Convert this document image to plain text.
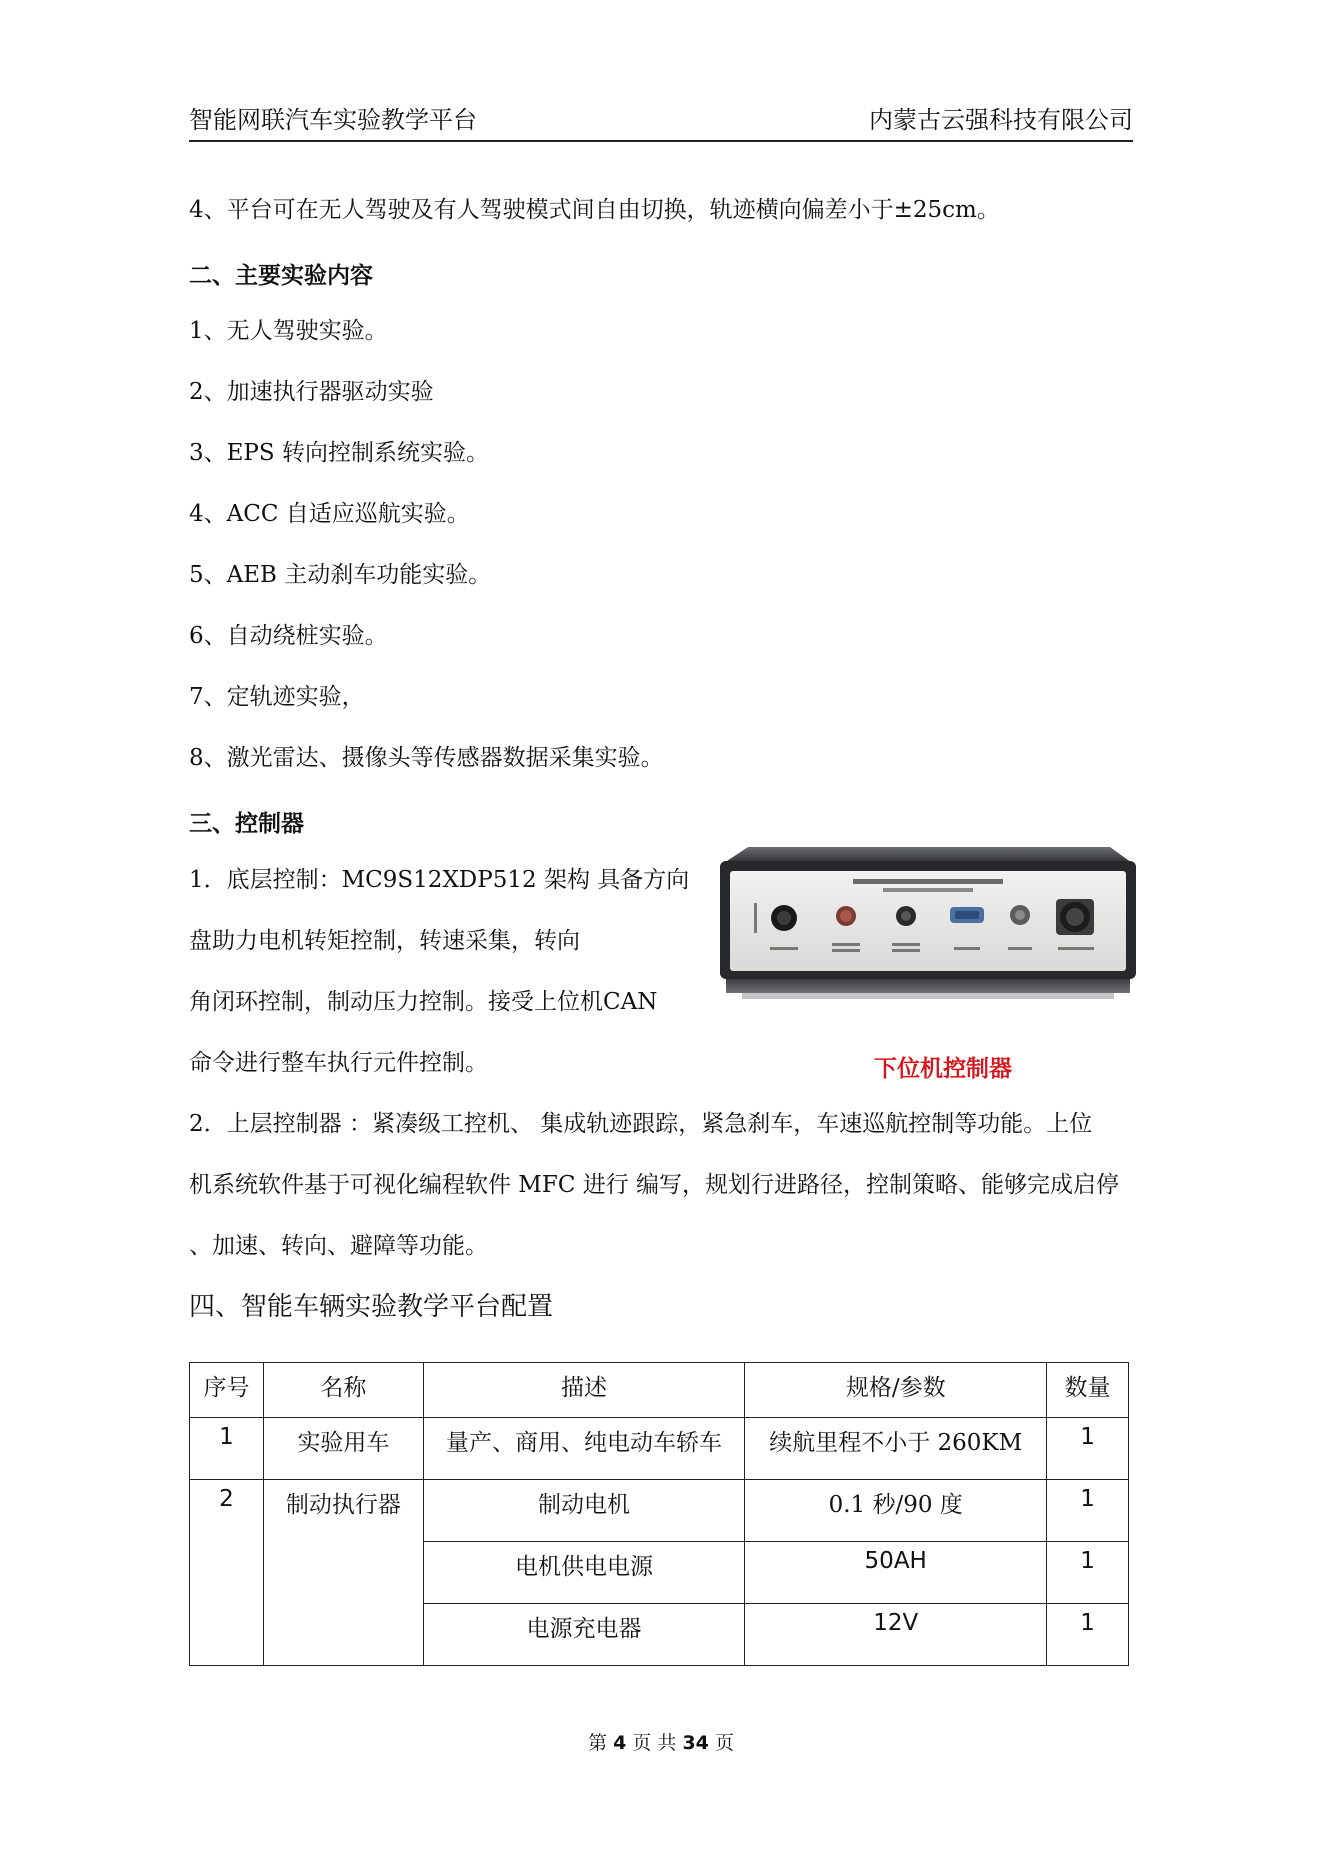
智能网联汽车实验教学平台	内蒙古云强科技有限公司
4、平台可在无人驾驶及有人驾驶模式间自由切换，轨迹横向偏差小于±25cm。
二、主要实验内容
1、无人驾驶实验。
2、加速执行器驱动实验
3、EPS 转向控制系统实验。
4、ACC 自适应巡航实验。
5、AEB 主动刹车功能实验。
6、自动绕桩实验。
7、定轨迹实验，
8、激光雷达、摄像头等传感器数据采集实验。
三、控制器
1．底层控制：MC9S12XDP512 架构 具备方向
盘助力电机转矩控制，转速采集，转向
角闭环控制，制动压力控制。接受上位机CAN
命令进行整车执行元件控制。	下位机控制器
2．上层控制器 ：紧凑级工控机、 集成轨迹跟踪，紧急刹车，车速巡航控制等功能。上位
机系统软件基于可视化编程软件 MFC 进行 编写，规划行进路径，控制策略、能够完成启停
、加速、转向、避障等功能。
四、智能车辆实验教学平台配置
序号	名称	描述	规格/参数	数量
1	实验用车	量产、商用、纯电动车轿车	续航里程不小于 260KM	1
2	制动执行器	制动电机	0.1 秒/90 度	1
		电机供电电源	50AH	1
		电源充电器	12V	1
第 4 页 共 34 页
